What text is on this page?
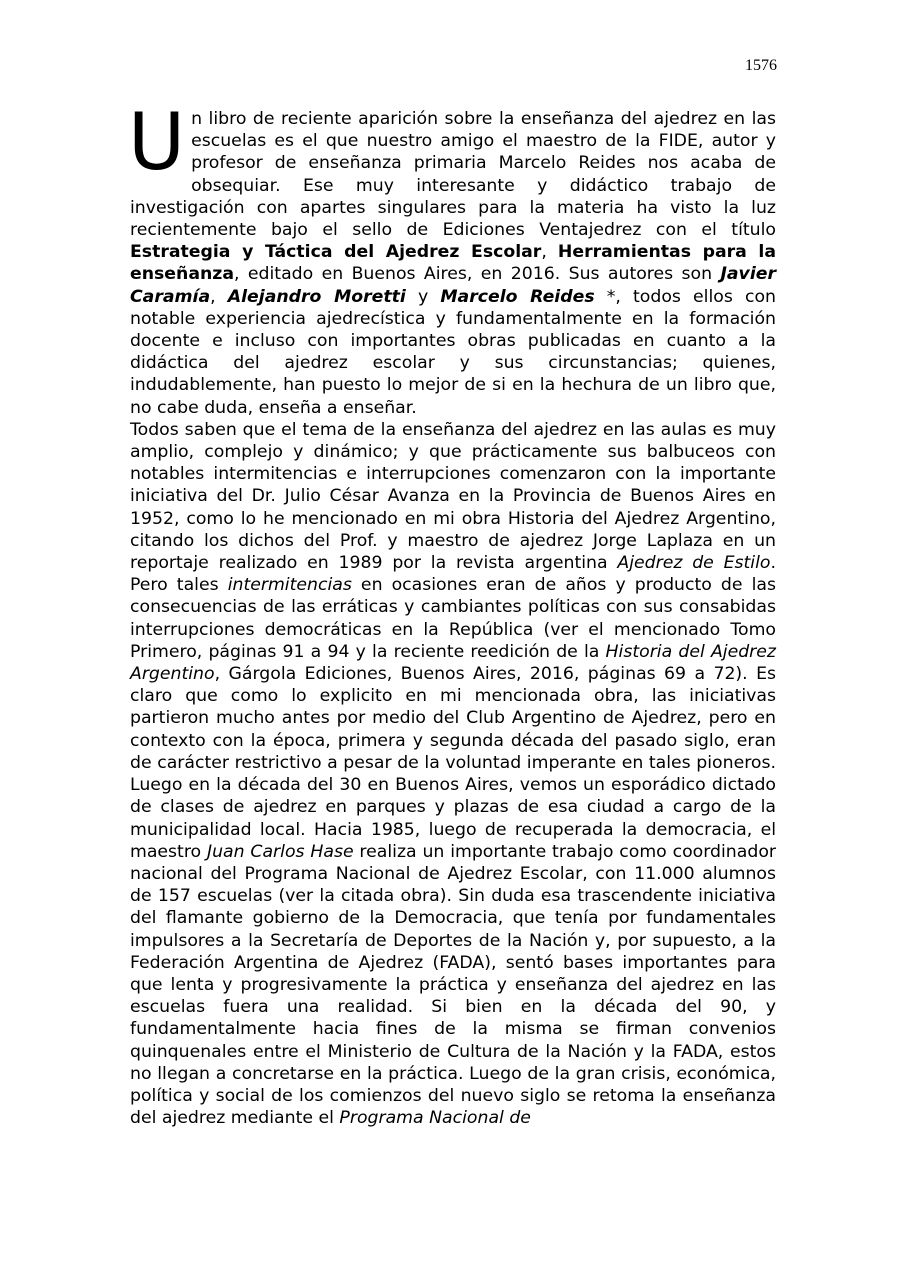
1576

Un libro de reciente aparición sobre la enseñanza del ajedrez en las escuelas es el que nuestro amigo el maestro de la FIDE, autor y profesor de enseñanza primaria Marcelo Reides nos acaba de obsequiar. Ese muy interesante y didáctico trabajo de investigación con apartes singulares para la materia ha visto la luz recientemente bajo el sello de Ediciones Ventajedrez con el título Estrategia y Táctica del Ajedrez Escolar, Herramientas para la enseñanza, editado en Buenos Aires, en 2016. Sus autores son Javier Caramía, Alejandro Moretti y Marcelo Reides *, todos ellos con notable experiencia ajedrecística y fundamentalmente en la formación docente e incluso con importantes obras publicadas en cuanto a la didáctica del ajedrez escolar y sus circunstancias; quienes, indudablemente, han puesto lo mejor de si en la hechura de un libro que, no cabe duda, enseña a enseñar.

Todos saben que el tema de la enseñanza del ajedrez en las aulas es muy amplio, complejo y dinámico; y que prácticamente sus balbuceos con notables intermitencias e interrupciones comenzaron con la importante iniciativa del Dr. Julio César Avanza en la Provincia de Buenos Aires en 1952, como lo he mencionado en mi obra Historia del Ajedrez Argentino, citando los dichos del Prof. y maestro de ajedrez Jorge Laplaza en un reportaje realizado en 1989 por la revista argentina Ajedrez de Estilo. Pero tales intermitencias en ocasiones eran de años y producto de las consecuencias de las erráticas y cambiantes políticas con sus consabidas interrupciones democráticas en la República (ver el mencionado Tomo Primero, páginas 91 a 94 y la reciente reedición de la Historia del Ajedrez Argentino, Gárgola Ediciones, Buenos Aires, 2016, páginas 69 a 72). Es claro que como lo explicito en mi mencionada obra, las iniciativas partieron mucho antes por medio del Club Argentino de Ajedrez, pero en contexto con la época, primera y segunda década del pasado siglo, eran de carácter restrictivo a pesar de la voluntad imperante en tales pioneros. Luego en la década del 30 en Buenos Aires, vemos un esporádico dictado de clases de ajedrez en parques y plazas de esa ciudad a cargo de la municipalidad local. Hacia 1985, luego de recuperada la democracia, el maestro Juan Carlos Hase realiza un importante trabajo como coordinador nacional del Programa Nacional de Ajedrez Escolar, con 11.000 alumnos de 157 escuelas (ver la citada obra). Sin duda esa trascendente iniciativa del flamante gobierno de la Democracia, que tenía por fundamentales impulsores a la Secretaría de Deportes de la Nación y, por supuesto, a la Federación Argentina de Ajedrez (FADA), sentó bases importantes para que lenta y progresivamente la práctica y enseñanza del ajedrez en las escuelas fuera una realidad. Si bien en la década del 90, y fundamentalmente hacia fines de la misma se firman convenios quinquenales entre el Ministerio de Cultura de la Nación y la FADA, estos no llegan a concretarse en la práctica. Luego de la gran crisis, económica, política y social de los comienzos del nuevo siglo se retoma la enseñanza del ajedrez mediante el Programa Nacional de
